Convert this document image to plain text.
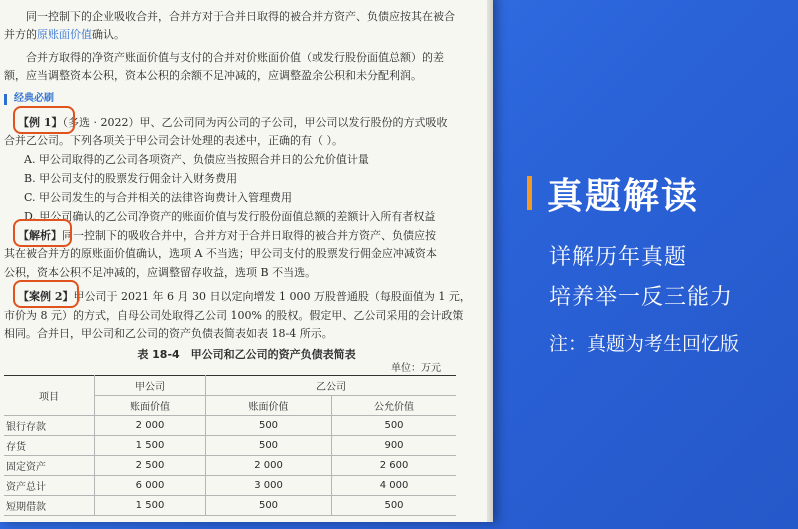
同一控制下的企业吸收合并，合并方对于合并日取得的被合并方资产、负债应按其在被合
并方的原账面价值确认。
合并方取得的净资产账面价值与支付的合并对价账面价值（或发行股份面值总额）的差
额，应当调整资本公积，资本公积的余额不足冲减的，应调整盈余公积和未分配利润。
经典必刷
【例 1】（多选 · 2022）甲、乙公司同为丙公司的子公司，甲公司以发行股份的方式吸收
合并乙公司。下列各项关于甲公司会计处理的表述中，正确的有（ ）。
A. 甲公司取得的乙公司各项资产、负债应当按照合并日的公允价值计量
B. 甲公司支付的股票发行佣金计入财务费用
C. 甲公司发生的与合并相关的法律咨询费计入管理费用
D. 甲公司确认的乙公司净资产的账面价值与发行股份面值总额的差额计入所有者权益
【解析】同一控制下的吸收合并中，合并方对于合并日取得的被合并方资产、负债应按
其在被合并方的原账面价值确认，选项 A 不当选；甲公司支付的股票发行佣金应冲减资本
公积，资本公积不足冲减的，应调整留存收益，选项 B 不当选。
【案例 2】甲公司于 2021 年 6 月 30 日以定向增发 1 000 万股普通股（每股面值为 1 元，
市价为 8 元）的方式，自母公司处取得乙公司 100% 的股权。假定甲、乙公司采用的会计政策
相同。合并日，甲公司和乙公司的资产负债表简表如表 18-4 所示。
表 18-4　甲公司和乙公司的资产负债表简表
单位：万元
项目	甲公司	乙公司	
	账面价值	账面价值	公允价值
银行存款	2 000	500	500
存货	1 500	500	900
固定资产	2 500	2 000	2 600
资产总计	6 000	3 000	4 000
短期借款	1 500	500	500
真题解读
详解历年真题
培养举一反三能力
注：真题为考生回忆版
